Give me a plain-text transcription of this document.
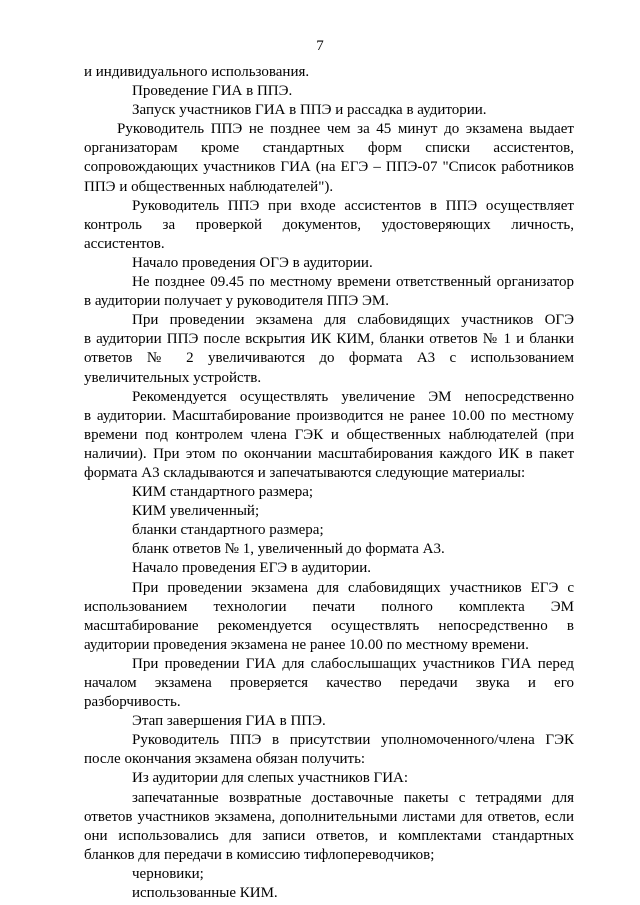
7
и индивидуального использования.
Проведение ГИА в ППЭ.
Запуск участников ГИА в ППЭ и рассадка в аудитории.
Руководитель ППЭ не позднее чем за 45 минут до экзамена выдает
организаторам кроме стандартных форм списки ассистентов,
сопровождающих участников ГИА (на ЕГЭ – ППЭ-07 "Список работников
ППЭ и общественных наблюдателей").
Руководитель ППЭ при входе ассистентов в ППЭ осуществляет
контроль за проверкой документов, удостоверяющих личность,
ассистентов.
Начало проведения ОГЭ в аудитории.
Не позднее 09.45 по местному времени ответственный организатор
в аудитории получает у руководителя ППЭ ЭМ.
При проведении экзамена для слабовидящих участников ОГЭ
в аудитории ППЭ после вскрытия ИК КИМ, бланки ответов № 1 и бланки
ответов № 2 увеличиваются до формата А3 с использованием
увеличительных устройств.
Рекомендуется осуществлять увеличение ЭМ непосредственно
в аудитории. Масштабирование производится не ранее 10.00 по местному
времени под контролем члена ГЭК и общественных наблюдателей (при
наличии). При этом по окончании масштабирования каждого ИК в пакет
формата А3 складываются и запечатываются следующие материалы:
КИМ стандартного размера;
КИМ увеличенный;
бланки стандартного размера;
бланк ответов № 1, увеличенный до формата А3.
Начало проведения ЕГЭ в аудитории.
При проведении экзамена для слабовидящих участников ЕГЭ с
использованием технологии печати полного комплекта ЭМ
масштабирование рекомендуется осуществлять непосредственно в
аудитории проведения экзамена не ранее 10.00 по местному времени.
При проведении ГИА для слабослышащих участников ГИА перед
началом экзамена проверяется качество передачи звука и его
разборчивость.
Этап завершения ГИА в ППЭ.
Руководитель ППЭ в присутствии уполномоченного/члена ГЭК
после окончания экзамена обязан получить:
Из аудитории для слепых участников ГИА:
запечатанные возвратные доставочные пакеты с тетрадями для
ответов участников экзамена, дополнительными листами для ответов, если
они использовались для записи ответов, и комплектами стандартных
бланков для передачи в комиссию тифлопереводчиков;
черновики;
использованные КИМ.
